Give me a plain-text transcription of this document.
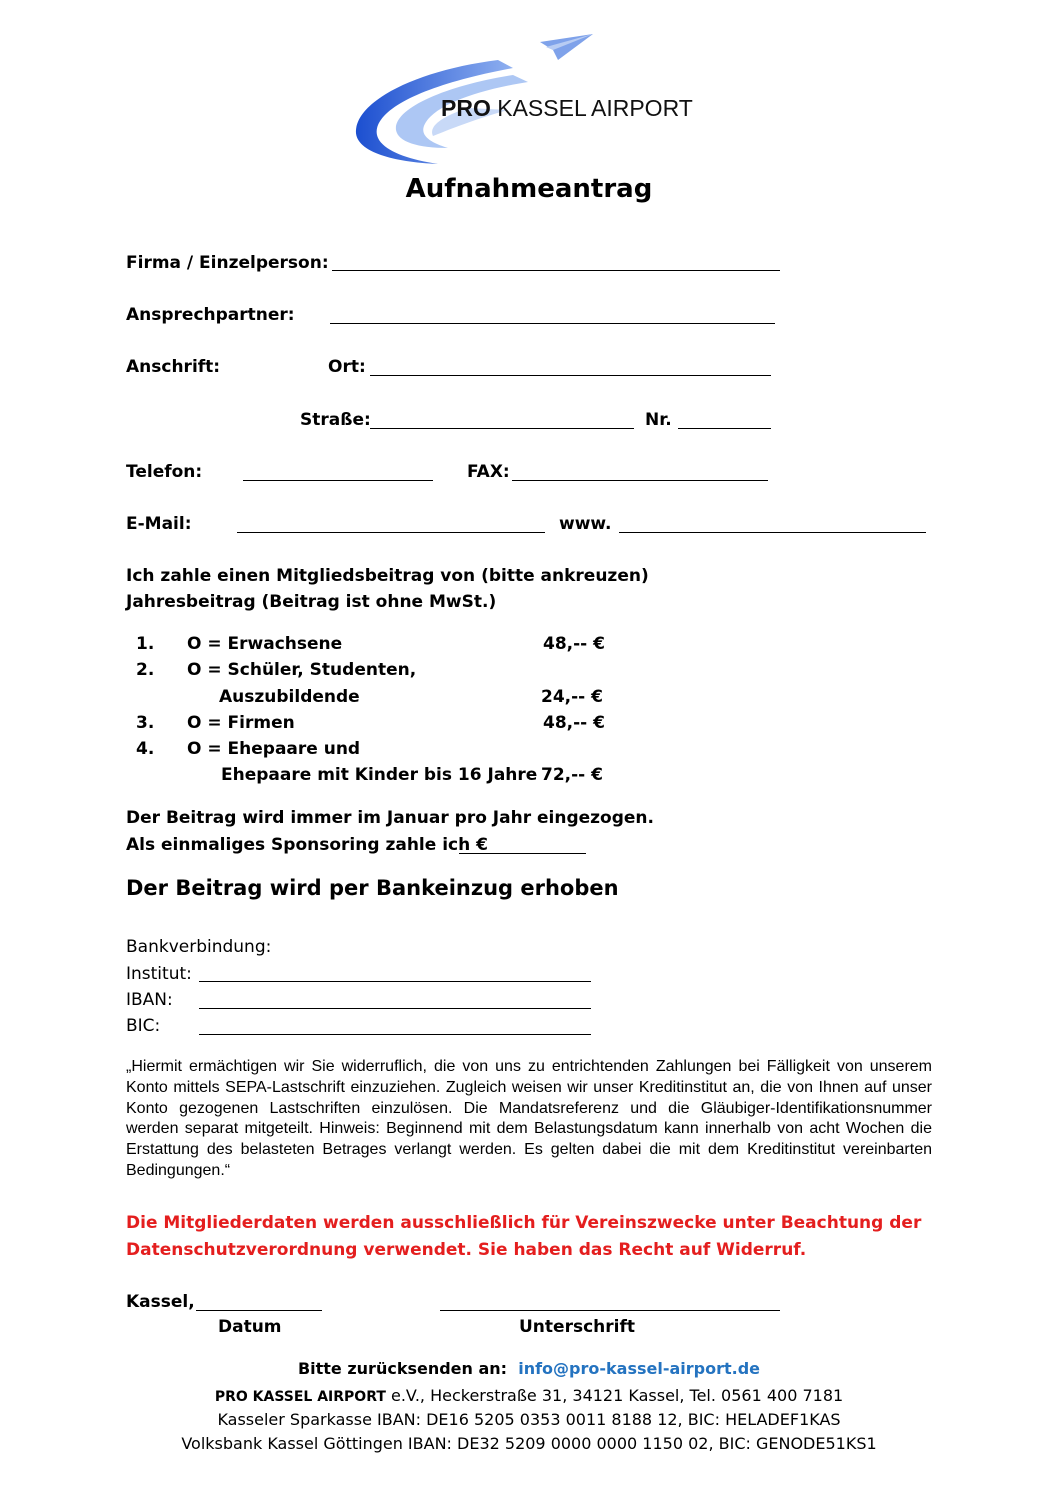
PRO KASSEL AIRPORT
Aufnahmeantrag
Firma / Einzelperson:
Ansprechpartner:
Anschrift:	Ort:
Straße:	Nr.
Telefon:	FAX:
E-Mail:	www.
Ich zahle einen Mitgliedsbeitrag von (bitte ankreuzen)
Jahresbeitrag (Beitrag ist ohne MwSt.)
1. O = Erwachsene	48,-- €
2. O = Schüler, Studenten,
Auszubildende	24,-- €
3. O = Firmen	48,-- €
4. O = Ehepaare und
Ehepaare mit Kinder bis 16 Jahre 72,-- €
Der Beitrag wird immer im Januar pro Jahr eingezogen.
Als einmaliges Sponsoring zahle ich €
Der Beitrag wird per Bankeinzug erhoben
Bankverbindung:
Institut:
IBAN:
BIC:
„Hiermit ermächtigen wir Sie widerruflich, die von uns zu entrichtenden Zahlungen bei Fälligkeit von unserem Konto mittels SEPA-Lastschrift einzuziehen. Zugleich weisen wir unser Kreditinstitut an, die von Ihnen auf unser Konto gezogenen Lastschriften einzulösen. Die Mandatsreferenz und die Gläubiger-Identifikationsnummer werden separat mitgeteilt. Hinweis: Beginnend mit dem Belastungsdatum kann innerhalb von acht Wochen die Erstattung des belasteten Betrages verlangt werden. Es gelten dabei die mit dem Kreditinstitut vereinbarten Bedingungen.“
Die Mitgliederdaten werden ausschließlich für Vereinszwecke unter Beachtung der Datenschutzverordnung verwendet. Sie haben das Recht auf Widerruf.
Kassel,
Datum	Unterschrift
Bitte zurücksenden an: info@pro-kassel-airport.de
PRO KASSEL AIRPORT e.V., Heckerstraße 31, 34121 Kassel, Tel. 0561 400 7181
Kasseler Sparkasse IBAN: DE16 5205 0353 0011 8188 12, BIC: HELADEF1KAS
Volksbank Kassel Göttingen IBAN: DE32 5209 0000 0000 1150 02, BIC: GENODE51KS1
